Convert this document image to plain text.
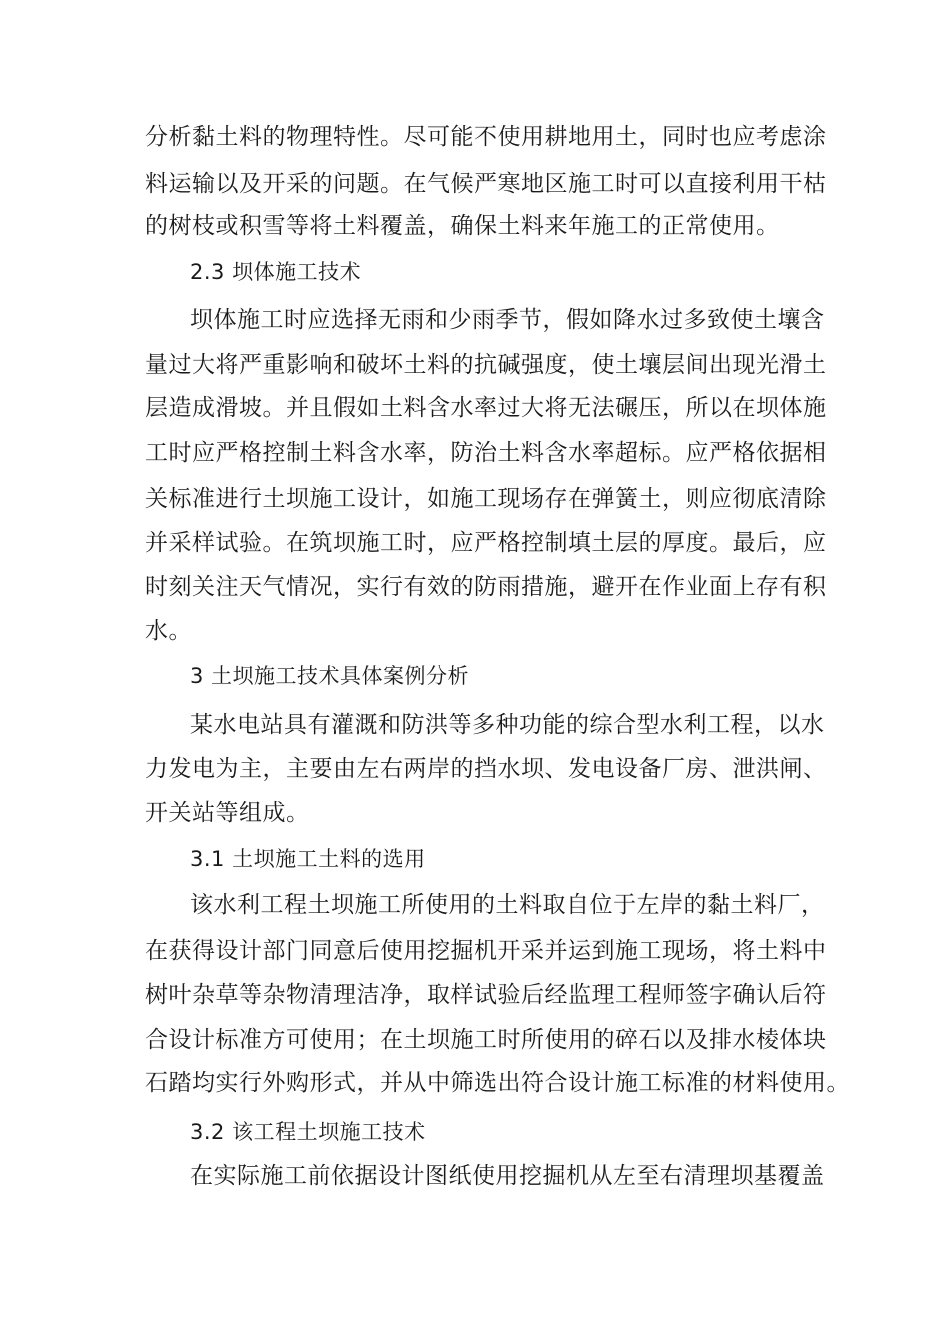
分析黏土料的物理特性。尽可能不使用耕地用土，同时也应考虑涂
料运输以及开采的问题。在气候严寒地区施工时可以直接利用干枯
的树枝或积雪等将土料覆盖，确保土料来年施工的正常使用。
2.3 坝体施工技术
坝体施工时应选择无雨和少雨季节，假如降水过多致使土壤含
量过大将严重影响和破坏土料的抗碱强度，使土壤层间出现光滑土
层造成滑坡。并且假如土料含水率过大将无法碾压，所以在坝体施
工时应严格控制土料含水率，防治土料含水率超标。应严格依据相
关标准进行土坝施工设计，如施工现场存在弹簧土，则应彻底清除
并采样试验。在筑坝施工时，应严格控制填土层的厚度。最后，应
时刻关注天气情况，实行有效的防雨措施，避开在作业面上存有积
水。
3 土坝施工技术具体案例分析
某水电站具有灌溉和防洪等多种功能的综合型水利工程，以水
力发电为主，主要由左右两岸的挡水坝、发电设备厂房、泄洪闸、
开关站等组成。
3.1 土坝施工土料的选用
该水利工程土坝施工所使用的土料取自位于左岸的黏土料厂，
在获得设计部门同意后使用挖掘机开采并运到施工现场，将土料中
树叶杂草等杂物清理洁净，取样试验后经监理工程师签字确认后符
合设计标准方可使用；在土坝施工时所使用的碎石以及排水棱体块
石踏均实行外购形式，并从中筛选出符合设计施工标准的材料使用。
3.2 该工程土坝施工技术
在实际施工前依据设计图纸使用挖掘机从左至右清理坝基覆盖
